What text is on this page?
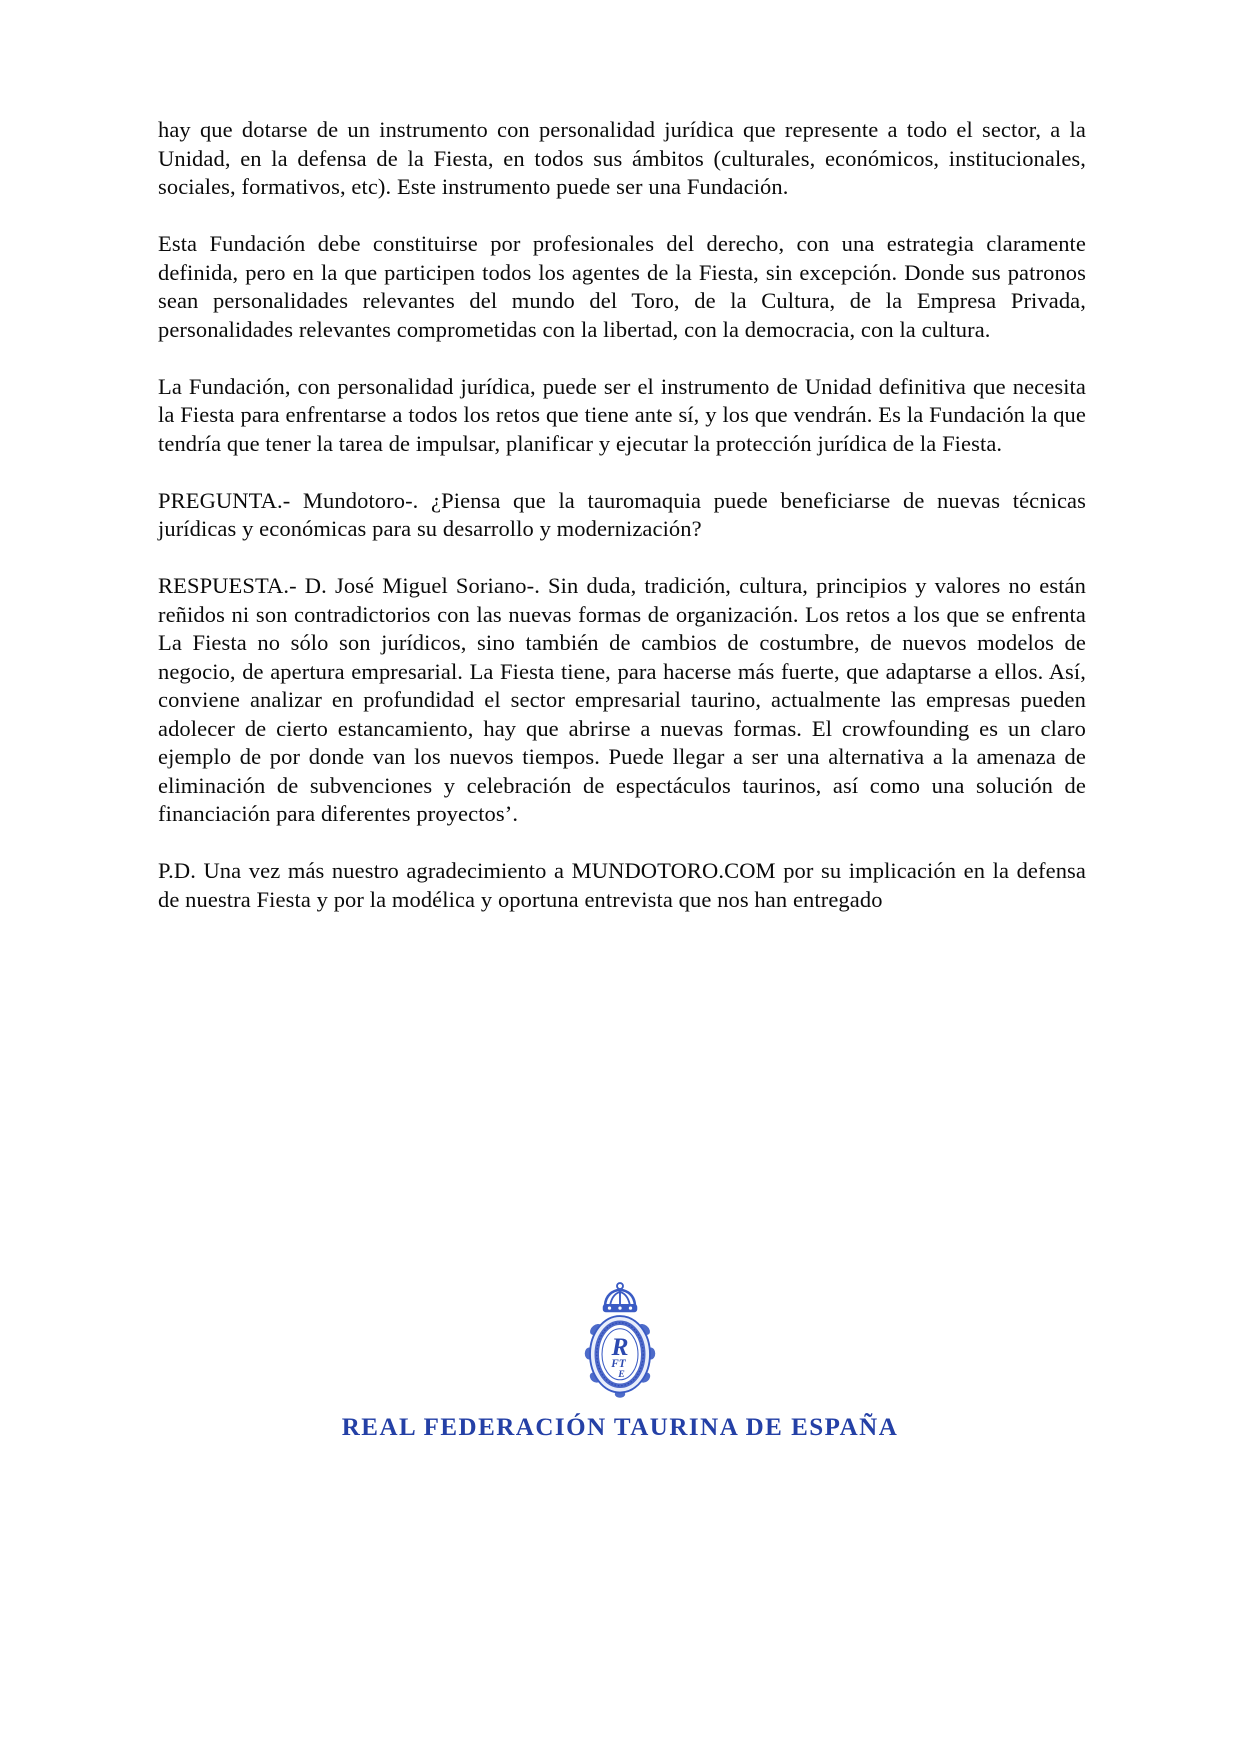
hay que dotarse de un instrumento con personalidad jurídica que represente a todo el sector, a la Unidad, en la defensa de la Fiesta, en todos sus ámbitos (culturales, económicos, institucionales, sociales, formativos, etc). Este instrumento puede ser una Fundación.

Esta Fundación debe constituirse por profesionales del derecho, con una estrategia claramente definida, pero en la que participen todos los agentes de la Fiesta, sin excepción. Donde sus patronos sean personalidades relevantes del mundo del Toro, de la Cultura, de la Empresa Privada, personalidades relevantes comprometidas con la libertad, con la democracia, con la cultura.

La Fundación, con personalidad jurídica, puede ser el instrumento de Unidad definitiva que necesita la Fiesta para enfrentarse a todos los retos que tiene ante sí, y los que vendrán. Es la Fundación la que tendría que tener la tarea de impulsar, planificar y ejecutar la protección jurídica de la Fiesta.

PREGUNTA.- Mundotoro-. ¿Piensa que la tauromaquia puede beneficiarse de nuevas técnicas jurídicas y económicas para su desarrollo y modernización?

RESPUESTA.- D. José Miguel Soriano-. Sin duda, tradición, cultura, principios y valores no están reñidos ni son contradictorios con las nuevas formas de organización. Los retos a los que se enfrenta La Fiesta no sólo son jurídicos, sino también de cambios de costumbre, de nuevos modelos de negocio, de apertura empresarial. La Fiesta tiene, para hacerse más fuerte, que adaptarse a ellos. Así, conviene analizar en profundidad el sector empresarial taurino, actualmente las empresas pueden adolecer de cierto estancamiento, hay que abrirse a nuevas formas. El crowfounding es un claro ejemplo de por donde van los nuevos tiempos. Puede llegar a ser una alternativa a la amenaza de eliminación de subvenciones y celebración de espectáculos taurinos, así como una solución de financiación para diferentes proyectos’.

P.D. Una vez más nuestro agradecimiento a MUNDOTORO.COM por su implicación en la defensa de nuestra Fiesta y por la modélica y oportuna entrevista que nos han entregado

R
FT
E
REAL FEDERACIÓN TAURINA DE ESPAÑA
